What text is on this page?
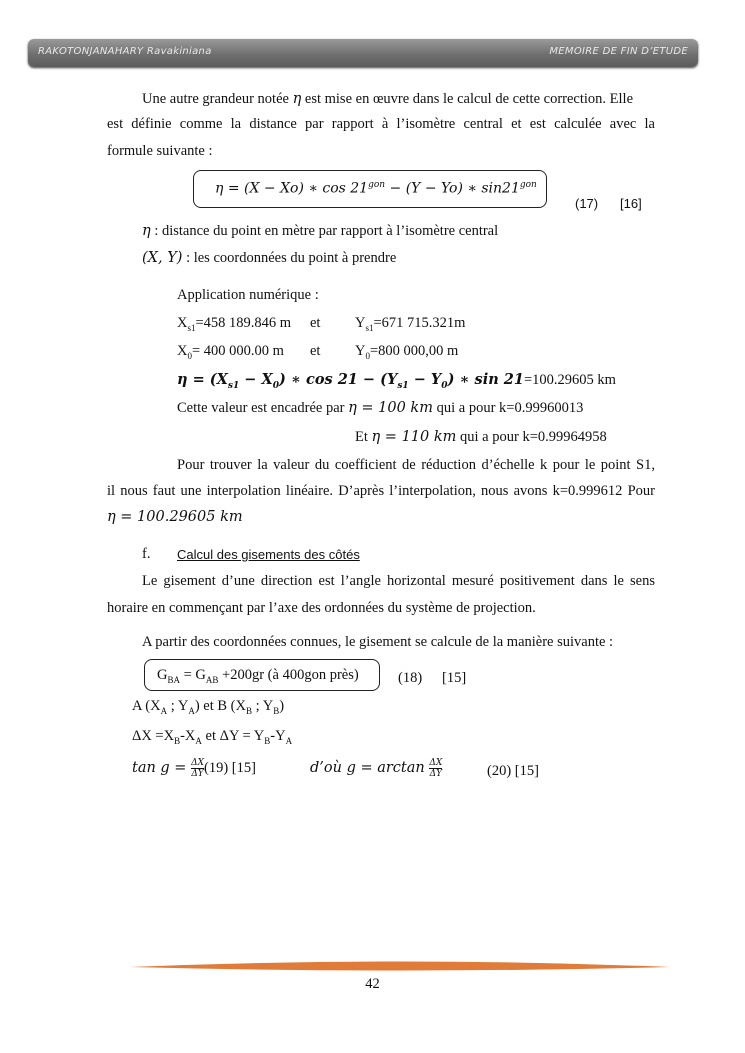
RAKOTONJANAHARY Ravakiniana	MEMOIRE DE FIN D’ETUDE
Une autre grandeur notée η est mise en œuvre dans le calcul de cette correction. Elle
est définie comme la distance par rapport à l’isomètre central et est calculée avec la
formule suivante :
η = (X − Xo) ∗ $\cos 21^{gon} - (Y - Yo)$ ∗ $\sin 21^{gon}$
(17) [16]
η : distance du point en mètre par rapport à l’isomètre central
(X, Y) : les coordonnées du point à prendre
Application numérique :
$X_{s1}=458$ 189.846 m et $Y_{s1}=671$ 715.321m
$X_0= 400$ 000.00 m et $Y_0=800$ 000,00 m
$\eta = (X_{s1} - X_0)$ ∗ $\cos 21 - (Y_{s1} - Y_0)$ ∗ sin 21=100.29605 km
Cette valeur est encadrée par η = 100 km qui a pour k=0.99960013
Et η = 110 km qui a pour k=0.99964958
Pour trouver la valeur du coefficient de réduction d’échelle k pour le point S1,
il nous faut une interpolation linéaire. D’après l’interpolation, nous avons k=0.999612 Pour
η = 100.29605 km
f. Calcul des gisements des côtés
Le gisement d’une direction est l’angle horizontal mesuré positivement dans le sens
horaire en commençant par l’axe des ordonnées du système de projection.
A partir des coordonnées connues, le gisement se calcule de la manière suivante :
$G_{BA} = G_{AB} +200gr$ (à 400gon près)	(18) [15]
A ($X_A$ ; $Y_A$) et B ($X_B$ ; $Y_B$)
$\Delta X =X_B-X_A$ et $\Delta Y = Y_B-Y_A$
$\tan g = \frac{\Delta X}{\Delta Y} (19)$ [15]	d’où $g = \arctan \frac{\Delta X}{\Delta Y}$	(20) [15]
42
